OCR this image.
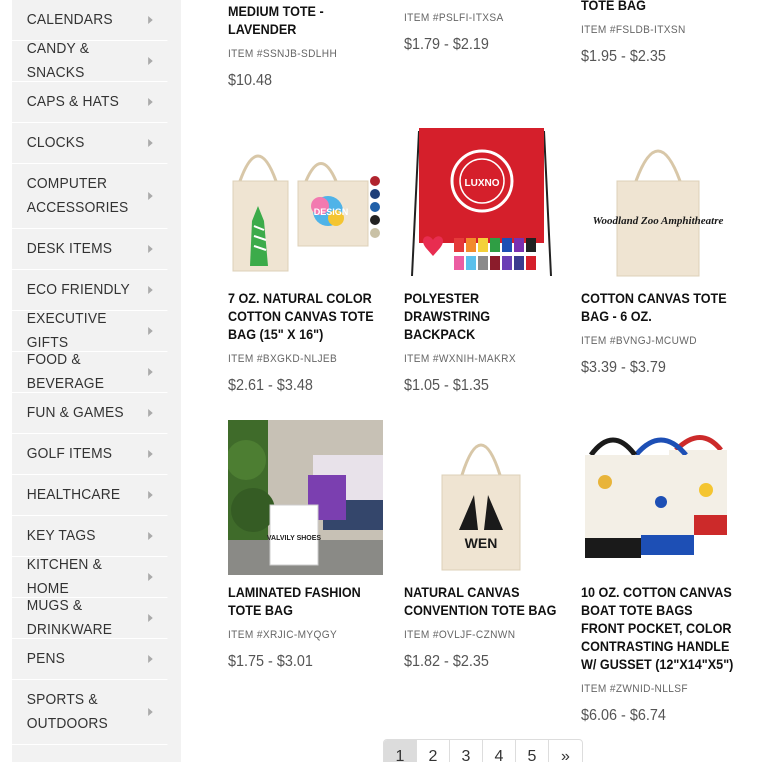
CALENDARS
CANDY & SNACKS
CAPS & HATS
CLOCKS
COMPUTER ACCESSORIES
DESK ITEMS
ECO FRIENDLY
EXECUTIVE GIFTS
FOOD & BEVERAGE
FUN & GAMES
GOLF ITEMS
HEALTHCARE
KEY TAGS
KITCHEN & HOME
MUGS & DRINKWARE
PENS
SPORTS & OUTDOORS
MEDIUM TOTE - LAVENDER
ITEM #SSNJB-SDLHH
$10.48
ITEM #PSLFI-ITXSA
$1.79 - $2.19
TOTE BAG
ITEM #FSLDB-ITXSN
$1.95 - $2.35
DESIGN
7 OZ. NATURAL COLOR COTTON CANVAS TOTE BAG (15" X 16")
ITEM #BXGKD-NLJEB
$2.61 - $3.48
LUXNO
POLYESTER DRAWSTRING BACKPACK
ITEM #WXNIH-MAKRX
$1.05 - $1.35
Woodland Zoo Amphitheatre
COTTON CANVAS TOTE BAG - 6 OZ.
ITEM #BVNGJ-MCUWD
$3.39 - $3.79
VALVILY SHOES
LAMINATED FASHION TOTE BAG
ITEM #XRJIC-MYQGY
$1.75 - $3.01
WEN
NATURAL CANVAS CONVENTION TOTE BAG
ITEM #OVLJF-CZNWN
$1.82 - $2.35
10 OZ. COTTON CANVAS BOAT TOTE BAGS FRONT POCKET, COLOR CONTRASTING HANDLE W/ GUSSET (12"X14"X5")
ITEM #ZWNID-NLLSF
$6.06 - $6.74
1	2	3	4	5	»
